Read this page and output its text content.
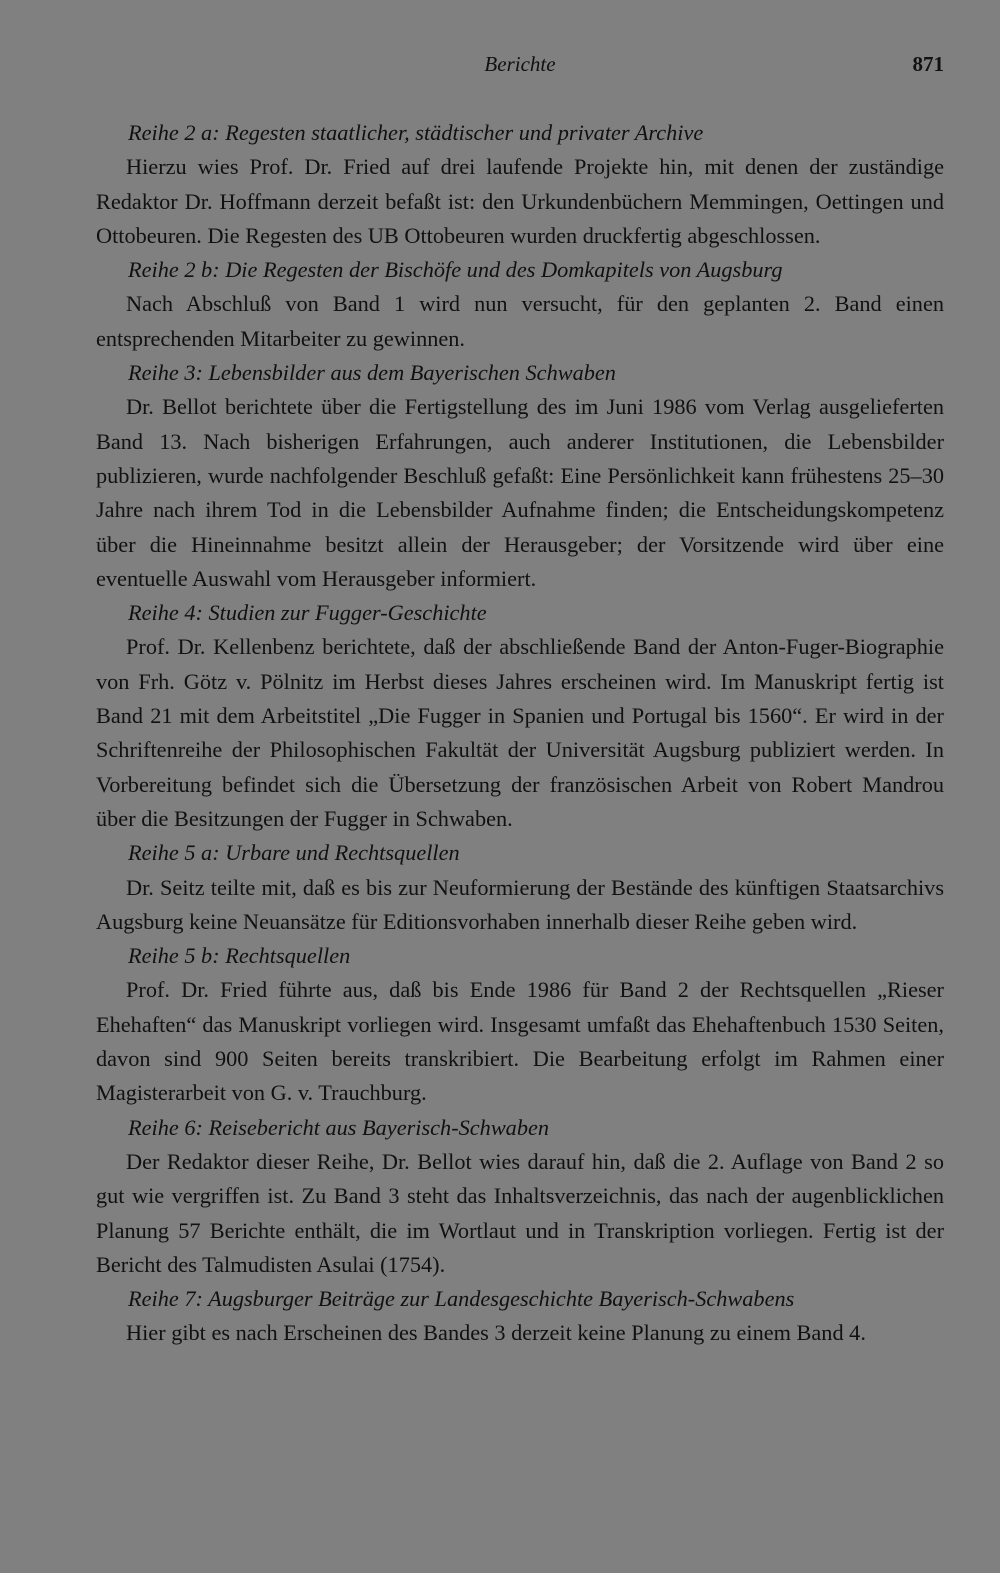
Berichte	871

Reihe 2 a: Regesten staatlicher, städtischer und privater Archive

Hierzu wies Prof. Dr. Fried auf drei laufende Projekte hin, mit denen der zuständige Redaktor Dr. Hoffmann derzeit befaßt ist: den Urkundenbüchern Memmingen, Oettingen und Ottobeuren. Die Regesten des UB Ottobeuren wurden druckfertig abgeschlossen.

Reihe 2 b: Die Regesten der Bischöfe und des Domkapitels von Augsburg

Nach Abschluß von Band 1 wird nun versucht, für den geplanten 2. Band einen entsprechenden Mitarbeiter zu gewinnen.

Reihe 3: Lebensbilder aus dem Bayerischen Schwaben

Dr. Bellot berichtete über die Fertigstellung des im Juni 1986 vom Verlag ausgelieferten Band 13. Nach bisherigen Erfahrungen, auch anderer Institutionen, die Lebensbilder publizieren, wurde nachfolgender Beschluß gefaßt: Eine Persönlichkeit kann frühestens 25–30 Jahre nach ihrem Tod in die Lebensbilder Aufnahme finden; die Entscheidungskompetenz über die Hineinnahme besitzt allein der Herausgeber; der Vorsitzende wird über eine eventuelle Auswahl vom Herausgeber informiert.

Reihe 4: Studien zur Fugger-Geschichte

Prof. Dr. Kellenbenz berichtete, daß der abschließende Band der Anton-Fuger-Biographie von Frh. Götz v. Pölnitz im Herbst dieses Jahres erscheinen wird. Im Manuskript fertig ist Band 21 mit dem Arbeitstitel „Die Fugger in Spanien und Portugal bis 1560“. Er wird in der Schriftenreihe der Philosophischen Fakultät der Universität Augsburg publiziert werden. In Vorbereitung befindet sich die Übersetzung der französischen Arbeit von Robert Mandrou über die Besitzungen der Fugger in Schwaben.

Reihe 5 a: Urbare und Rechtsquellen

Dr. Seitz teilte mit, daß es bis zur Neuformierung der Bestände des künftigen Staatsarchivs Augsburg keine Neuansätze für Editionsvorhaben innerhalb dieser Reihe geben wird.

Reihe 5 b: Rechtsquellen

Prof. Dr. Fried führte aus, daß bis Ende 1986 für Band 2 der Rechtsquellen „Rieser Ehehaften“ das Manuskript vorliegen wird. Insgesamt umfaßt das Ehehaftenbuch 1530 Seiten, davon sind 900 Seiten bereits transkribiert. Die Bearbeitung erfolgt im Rahmen einer Magisterarbeit von G. v. Trauchburg.

Reihe 6: Reisebericht aus Bayerisch-Schwaben

Der Redaktor dieser Reihe, Dr. Bellot wies darauf hin, daß die 2. Auflage von Band 2 so gut wie vergriffen ist. Zu Band 3 steht das Inhaltsverzeichnis, das nach der augenblicklichen Planung 57 Berichte enthält, die im Wortlaut und in Transkription vorliegen. Fertig ist der Bericht des Talmudisten Asulai (1754).

Reihe 7: Augsburger Beiträge zur Landesgeschichte Bayerisch-Schwabens

Hier gibt es nach Erscheinen des Bandes 3 derzeit keine Planung zu einem Band 4.
